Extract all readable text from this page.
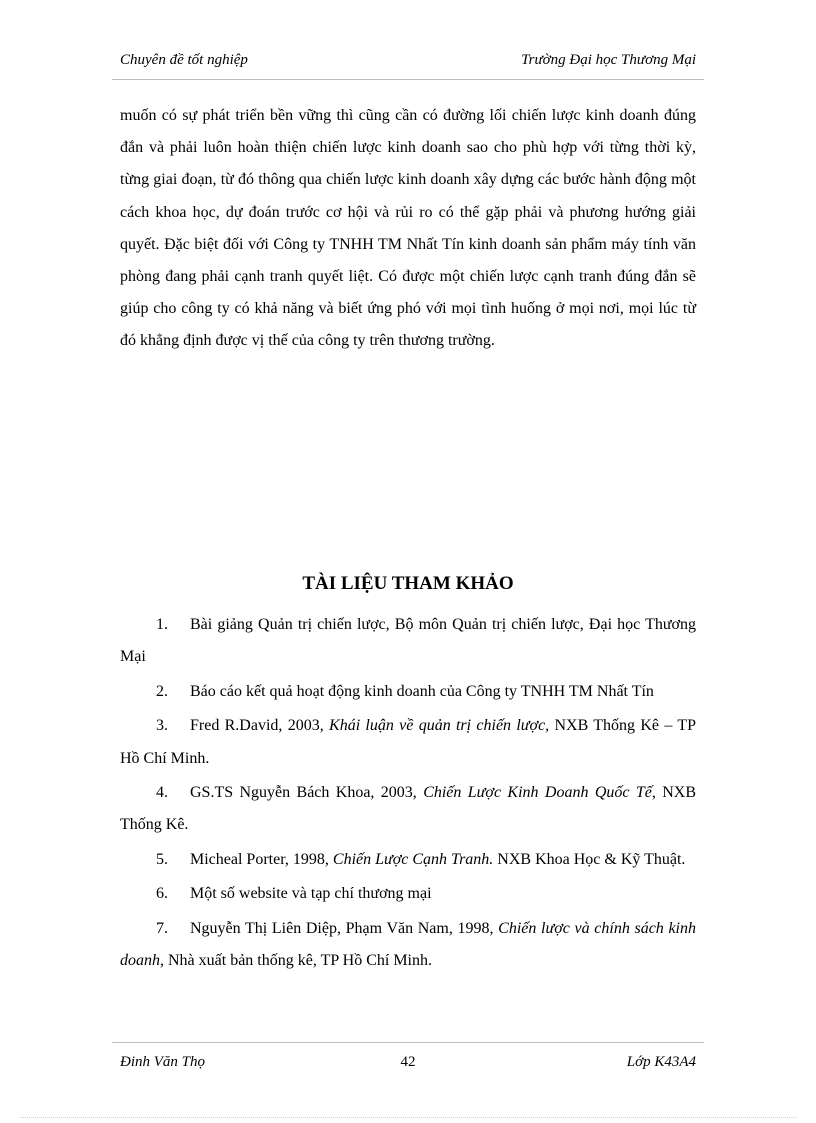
Chuyên đề tốt nghiệp	Trường Đại học Thương Mại

muốn có sự phát triển bền vững thì cũng cần có đường lối chiến lược kinh doanh đúng đắn và phải luôn hoàn thiện chiến lược kinh doanh sao cho phù hợp với từng thời kỳ, từng giai đoạn, từ đó thông qua chiến lược kinh doanh xây dựng các bước hành động một cách khoa học, dự đoán trước cơ hội và rủi ro có thể gặp phải và phương hướng giải quyết. Đặc biệt đối với Công ty TNHH TM Nhất Tín kinh doanh sản phẩm máy tính văn phòng đang phải cạnh tranh quyết liệt. Có được một chiến lược cạnh tranh đúng đắn sẽ giúp cho công ty có khả năng và biết ứng phó với mọi tình huống ở mọi nơi, mọi lúc từ đó khẳng định được vị thế của công ty trên thương trường.

TÀI LIỆU THAM KHẢO
1. Bài giảng Quản trị chiến lược, Bộ môn Quản trị chiến lược, Đại học Thương Mại
2. Báo cáo kết quả hoạt động kinh doanh của Công ty TNHH TM Nhất Tín
3. Fred R.David, 2003, Khái luận về quản trị chiến lược, NXB Thống Kê – TP Hồ Chí Minh.
4. GS.TS Nguyễn Bách Khoa, 2003, Chiến Lược Kinh Doanh Quốc Tế, NXB Thống Kê.
5. Micheal Porter, 1998, Chiến Lược Cạnh Tranh. NXB Khoa Học & Kỹ Thuật.
6. Một số website và tạp chí thương mại
7. Nguyễn Thị Liên Diệp, Phạm Văn Nam, 1998, Chiến lược và chính sách kinh doanh, Nhà xuất bản thống kê, TP Hồ Chí Minh.
Đinh Văn Thọ	42	Lớp K43A4
